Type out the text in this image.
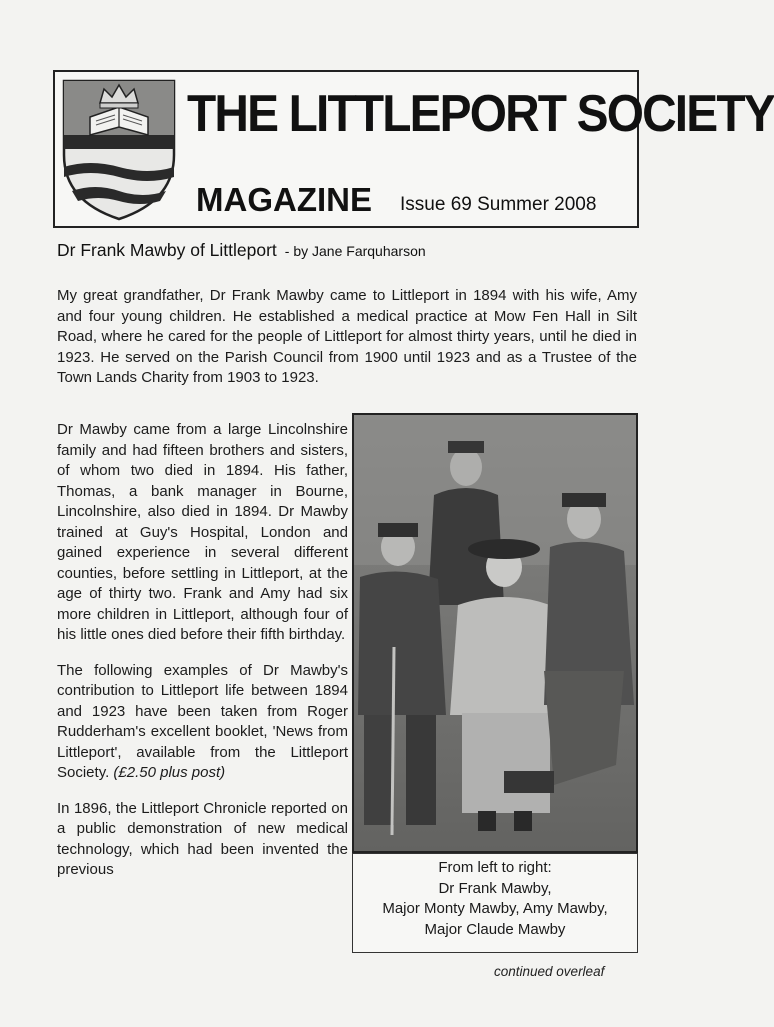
THE LITTLEPORT SOCIETY
MAGAZINE Issue 69 Summer 2008
Dr Frank Mawby of Littleport - by Jane Farquharson

My great grandfather, Dr Frank Mawby came to Littleport in 1894 with his wife, Amy and four young children. He established a medical practice at Mow Fen Hall in Silt Road, where he cared for the people of Littleport for almost thirty years, until he died in 1923. He served on the Parish Council from 1900 until 1923 and as a Trustee of the Town Lands Charity from 1903 to 1923.

Dr Mawby came from a large Lincolnshire family and had fifteen brothers and sisters, of whom two died in 1894. His father, Thomas, a bank manager in Bourne, Lincolnshire, also died in 1894. Dr Mawby trained at Guy's Hospital, London and gained experience in several different counties, before settling in Littleport, at the age of thirty two. Frank and Amy had six more children in Littleport, although four of his little ones died before their fifth birthday.

The following examples of Dr Mawby's contribution to Littleport life between 1894 and 1923 have been taken from Roger Rudderham's excellent booklet, 'News from Littleport', available from the Littleport Society. (£2.50 plus post)

In 1896, the Littleport Chronicle reported on a public demonstration of new medical technology, which had been invented the previous	From left to right:
Dr Frank Mawby,
Major Monty Mawby, Amy Mawby,
Major Claude Mawby
continued overleaf
